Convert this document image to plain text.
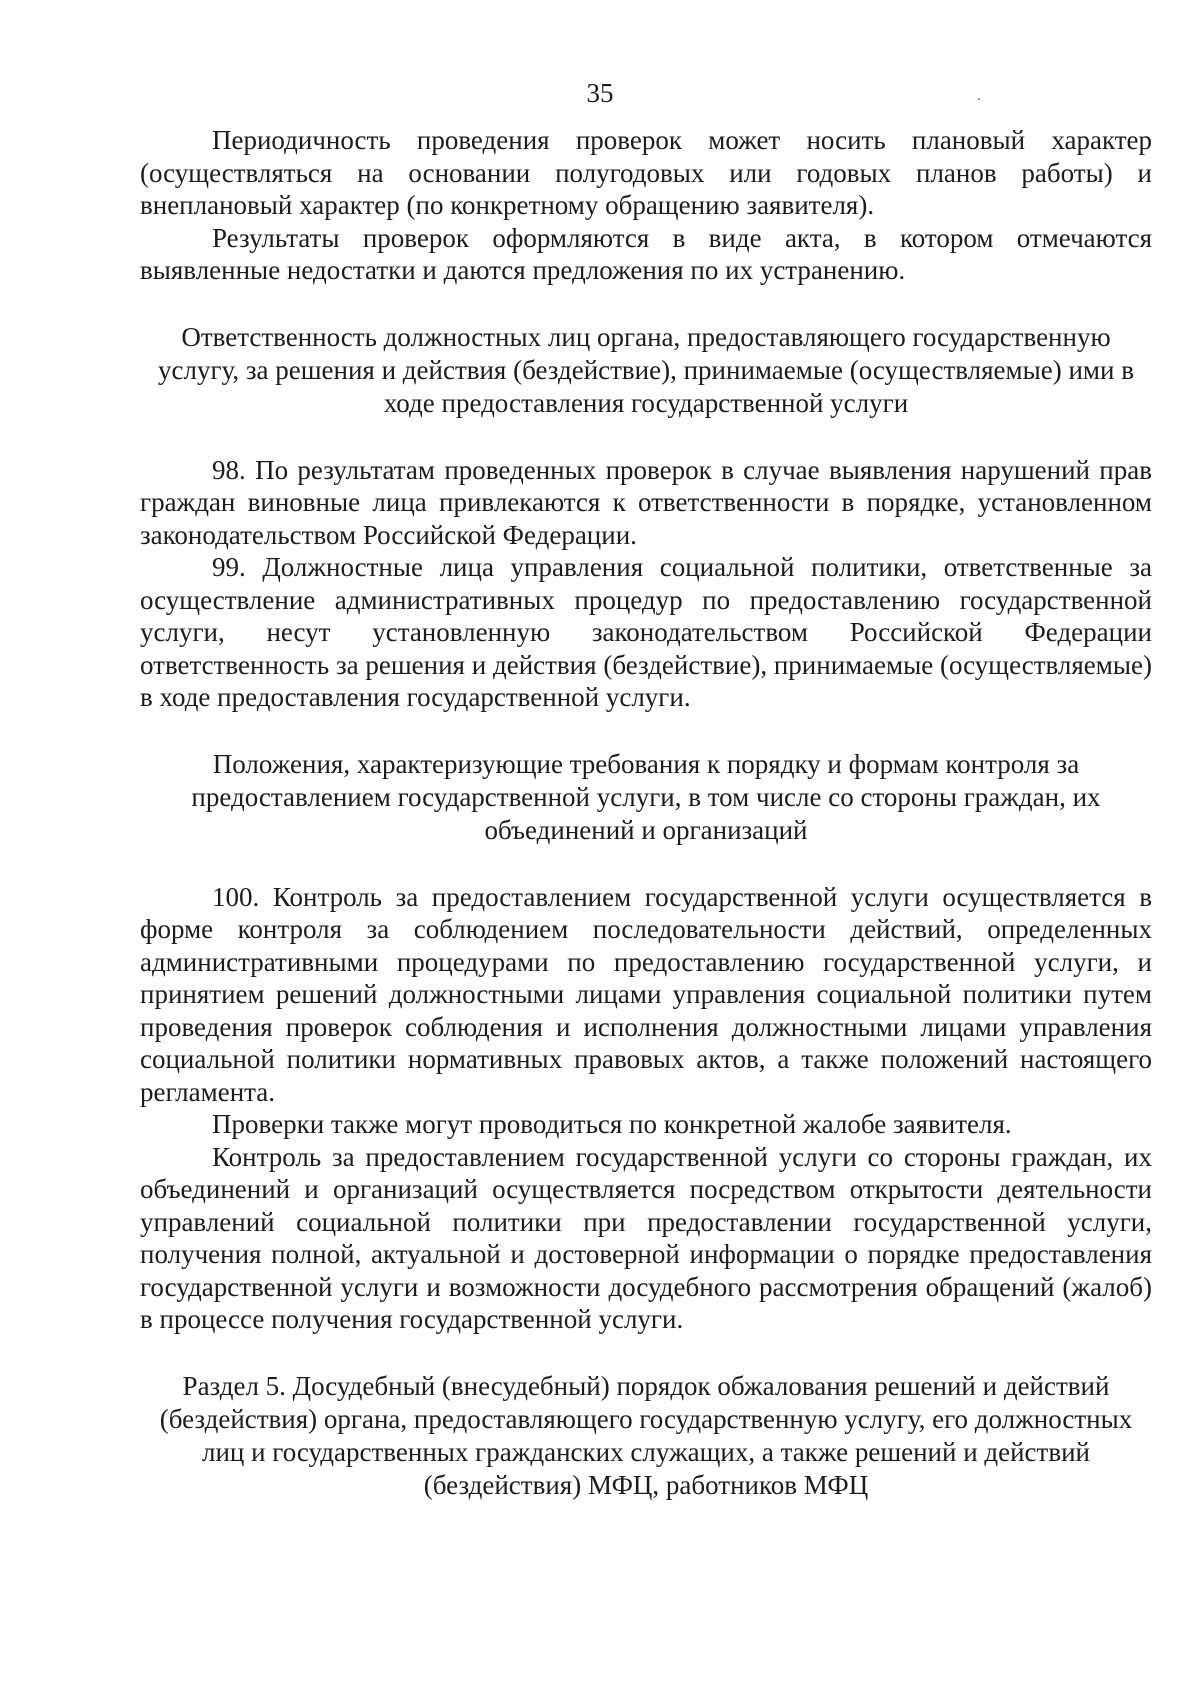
35

Периодичность проведения проверок может носить плановый характер (осуществляться на основании полугодовых или годовых планов работы) и внеплановый характер (по конкретному обращению заявителя).

Результаты проверок оформляются в виде акта, в котором отмечаются выявленные недостатки и даются предложения по их устранению.

Ответственность должностных лиц органа, предоставляющего государственную услугу, за решения и действия (бездействие), принимаемые (осуществляемые) ими в ходе предоставления государственной услуги

98. По результатам проведенных проверок в случае выявления нарушений прав граждан виновные лица привлекаются к ответственности в порядке, установленном законодательством Российской Федерации.

99. Должностные лица управления социальной политики, ответственные за осуществление административных процедур по предоставлению государственной услуги, несут установленную законодательством Российской Федерации ответственность за решения и действия (бездействие), принимаемые (осуществляемые) в ходе предоставления государственной услуги.

Положения, характеризующие требования к порядку и формам контроля за предоставлением государственной услуги, в том числе со стороны граждан, их объединений и организаций

100. Контроль за предоставлением государственной услуги осуществляется в форме контроля за соблюдением последовательности действий, определенных административными процедурами по предоставлению государственной услуги, и принятием решений должностными лицами управления социальной политики путем проведения проверок соблюдения и исполнения должностными лицами управления социальной политики нормативных правовых актов, а также положений настоящего регламента.

Проверки также могут проводиться по конкретной жалобе заявителя.

Контроль за предоставлением государственной услуги со стороны граждан, их объединений и организаций осуществляется посредством открытости деятельности управлений социальной политики при предоставлении государственной услуги, получения полной, актуальной и достоверной информации о порядке предоставления государственной услуги и возможности досудебного рассмотрения обращений (жалоб) в процессе получения государственной услуги.

Раздел 5. Досудебный (внесудебный) порядок обжалования решений и действий (бездействия) органа, предоставляющего государственную услугу, его должностных лиц и государственных гражданских служащих, а также решений и действий (бездействия) МФЦ, работников МФЦ
